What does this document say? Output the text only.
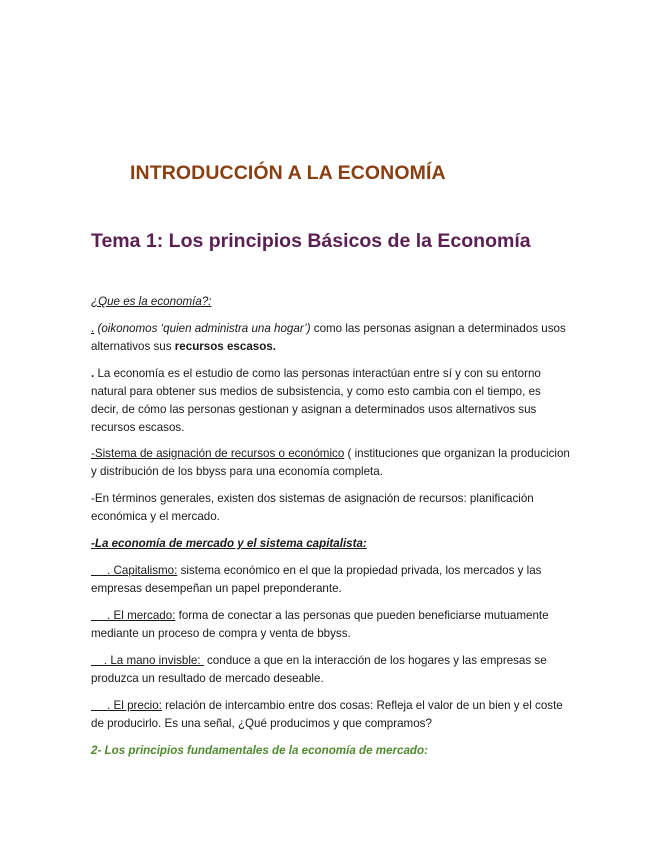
INTRODUCCIÓN A LA ECONOMÍA
Tema 1: Los principios Básicos de la Economía

¿Que es la economía?:

. (oikonomos ‘quien administra una hogar’) como las personas asignan a determinados usos alternativos sus recursos escasos.

. La economía es el estudio de como las personas interactúan entre sí y con su entorno natural para obtener sus medios de subsistencia, y como esto cambia con el tiempo, es decir, de cómo las personas gestionan y asignan a determinados usos alternativos sus recursos escasos.

-Sistema de asignación de recursos o económico ( instituciones que organizan la producicion y distribución de los bbyss para una economía completa.

-En términos generales, existen dos sistemas de asignación de recursos: planificación económica y el mercado.

-La economía de mercado y el sistema capitalista:

. Capitalismo: sistema económico en el que la propiedad privada, los mercados y las empresas desempeñan un papel preponderante.

. El mercado: forma de conectar a las personas que pueden beneficiarse mutuamente mediante un proceso de compra y venta de bbyss.

. La mano invisble:  conduce a que en la interacción de los hogares y las empresas se produzca un resultado de mercado deseable.

. El precio: relación de intercambio entre dos cosas: Refleja el valor de un bien y el coste de producirlo. Es una señal, ¿Qué producimos y que compramos?

2- Los principios fundamentales de la economía de mercado:
